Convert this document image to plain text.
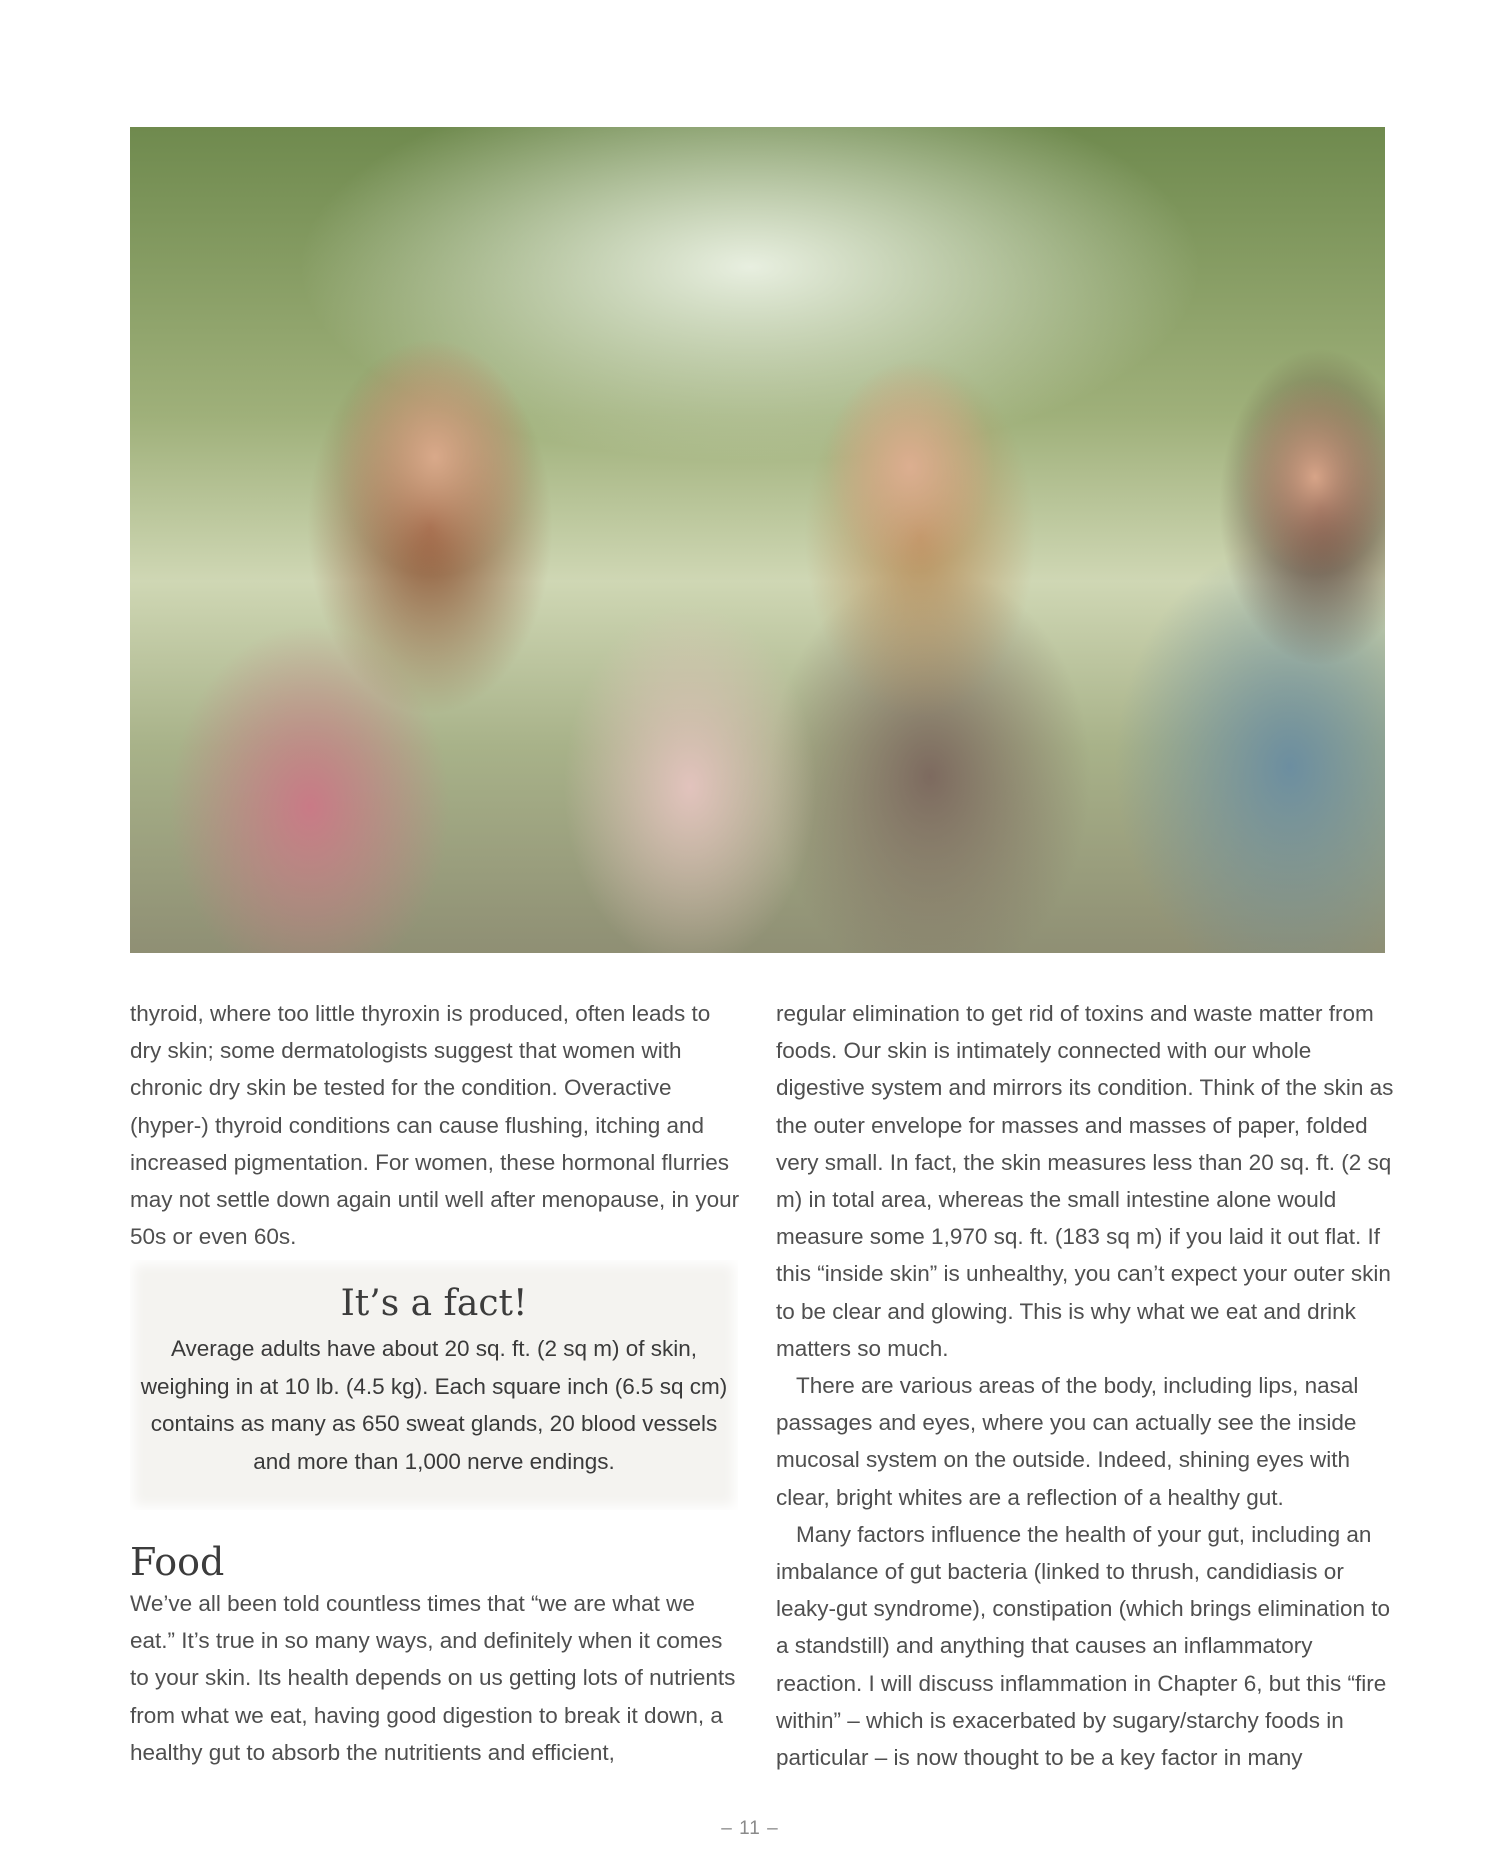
thyroid, where too little thyroxin is produced, often leads to dry skin; some dermatologists suggest that women with chronic dry skin be tested for the condition. Overactive (hyper-) thyroid conditions can cause flushing, itching and increased pigmentation. For women, these hormonal flurries may not settle down again until well after menopause, in your 50s or even 60s.

It’s a fact!

Average adults have about 20 sq. ft. (2 sq m) of skin, weighing in at 10 lb. (4.5 kg). Each square inch (6.5 sq cm) contains as many as 650 sweat glands, 20 blood vessels and more than 1,000 nerve endings.

Food

We’ve all been told countless times that “we are what we eat.” It’s true in so many ways, and definitely when it comes to your skin. Its health depends on us getting lots of nutrients from what we eat, having good digestion to break it down, a healthy gut to absorb the nutritients and efficient,

regular elimination to get rid of toxins and waste matter from foods. Our skin is intimately connected with our whole digestive system and mirrors its condition. Think of the skin as the outer envelope for masses and masses of paper, folded very small. In fact, the skin measures less than 20 sq. ft. (2 sq m) in total area, whereas the small intestine alone would measure some 1,970 sq. ft. (183 sq m) if you laid it out flat. If this “inside skin” is unhealthy, you can’t expect your outer skin to be clear and glowing. This is why what we eat and drink matters so much.

There are various areas of the body, including lips, nasal passages and eyes, where you can actually see the inside mucosal system on the outside. Indeed, shining eyes with clear, bright whites are a reflection of a healthy gut.

Many factors influence the health of your gut, including an imbalance of gut bacteria (linked to thrush, candidiasis or leaky-gut syndrome), constipation (which brings elimination to a standstill) and anything that causes an inflammatory reaction. I will discuss inflammation in Chapter 6, but this “fire within” – which is exacerbated by sugary/starchy foods in particular – is now thought to be a key factor in many

– 11 –
